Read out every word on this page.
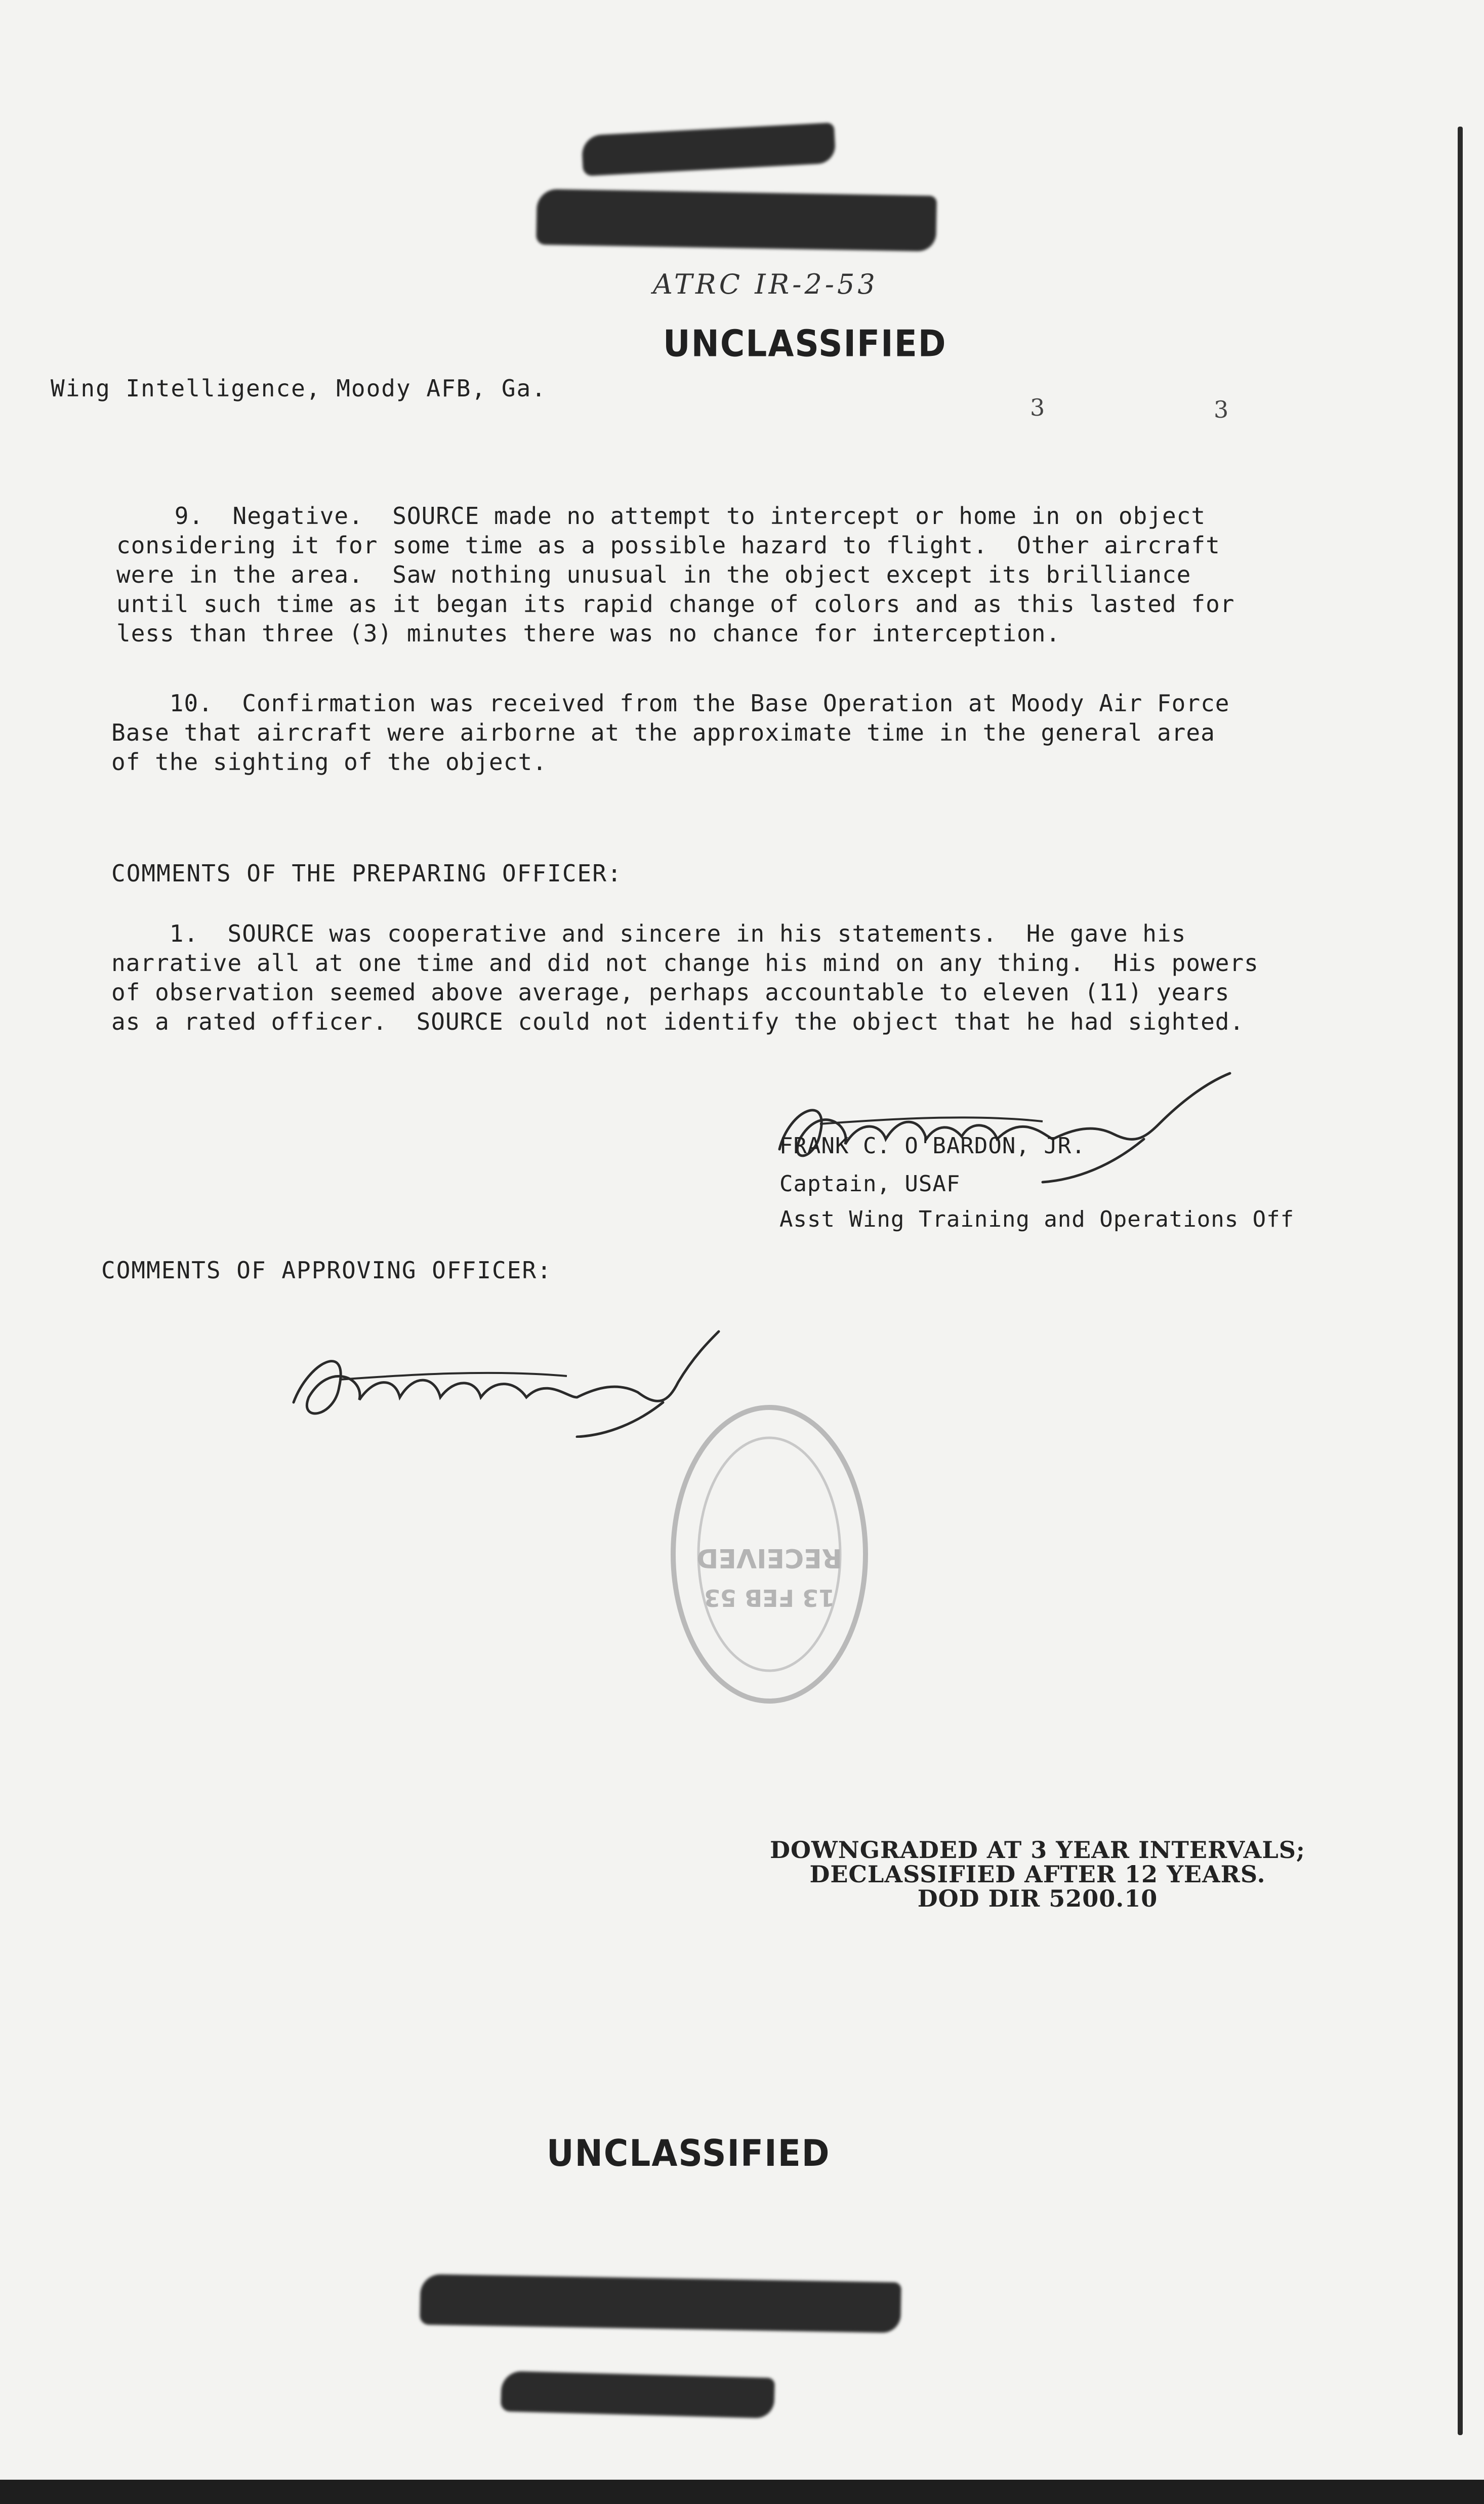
ATRC IR-2-53
UNCLASSIFIED
Wing Intelligence, Moody AFB, Ga.
3	3
9.  Negative.  SOURCE made no attempt to intercept or home in on object
considering it for some time as a possible hazard to flight.  Other aircraft
were in the area.  Saw nothing unusual in the object except its brilliance
until such time as it began its rapid change of colors and as this lasted for
less than three (3) minutes there was no chance for interception.
10.  Confirmation was received from the Base Operation at Moody Air Force
Base that aircraft were airborne at the approximate time in the general area
of the sighting of the object.
COMMENTS OF THE PREPARING OFFICER:
1.  SOURCE was cooperative and sincere in his statements.  He gave his
narrative all at one time and did not change his mind on any thing.  His powers
of observation seemed above average, perhaps accountable to eleven (11) years
as a rated officer.  SOURCE could not identify the object that he had sighted.
FRANK C. O'BARDON, JR.
Captain, USAF
Asst Wing Training and Operations Off
COMMENTS OF APPROVING OFFICER:
RECEIVED
13 FEB 53
DOWNGRADED AT 3 YEAR INTERVALS;
DECLASSIFIED AFTER 12 YEARS.
DOD DIR 5200.10
UNCLASSIFIED
